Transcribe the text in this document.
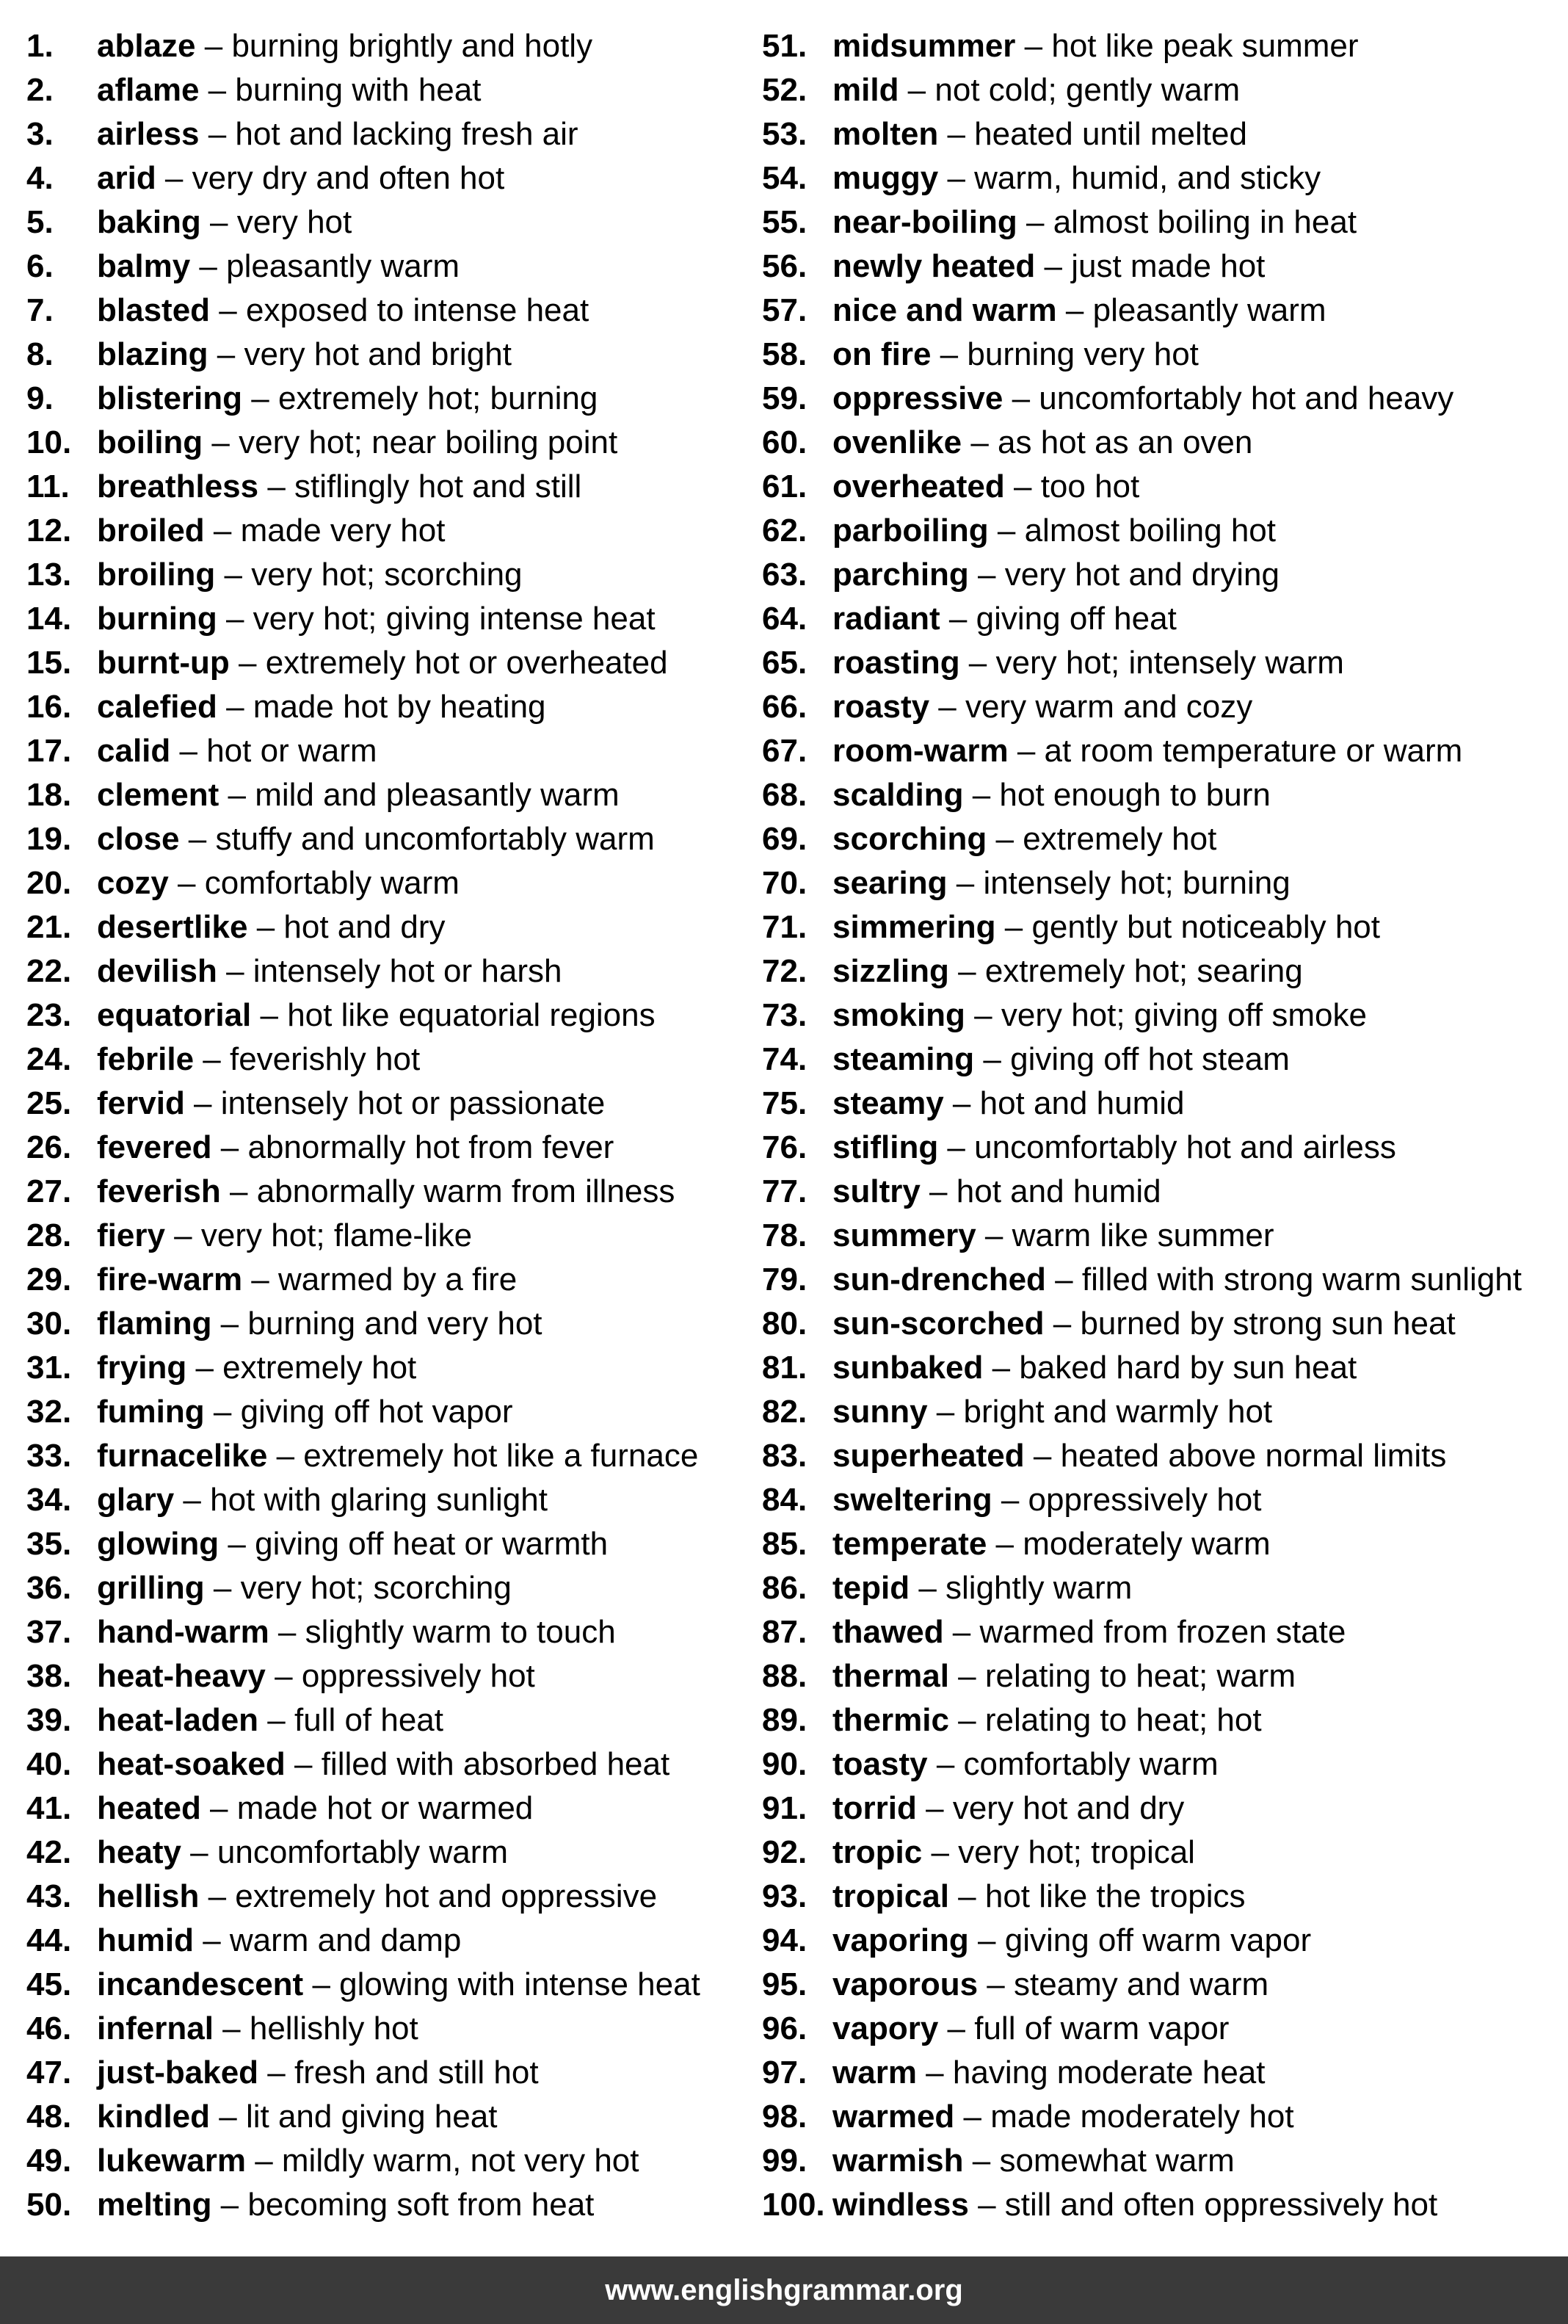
1. ablaze – burning brightly and hotly
2. aflame – burning with heat
3. airless – hot and lacking fresh air
4. arid – very dry and often hot
5. baking – very hot
6. balmy – pleasantly warm
7. blasted – exposed to intense heat
8. blazing – very hot and bright
9. blistering – extremely hot; burning
10. boiling – very hot; near boiling point
11. breathless – stiflingly hot and still
12. broiled – made very hot
13. broiling – very hot; scorching
14. burning – very hot; giving intense heat
15. burnt-up – extremely hot or overheated
16. calefied – made hot by heating
17. calid – hot or warm
18. clement – mild and pleasantly warm
19. close – stuffy and uncomfortably warm
20. cozy – comfortably warm
21. desertlike – hot and dry
22. devilish – intensely hot or harsh
23. equatorial – hot like equatorial regions
24. febrile – feverishly hot
25. fervid – intensely hot or passionate
26. fevered – abnormally hot from fever
27. feverish – abnormally warm from illness
28. fiery – very hot; flame-like
29. fire-warm – warmed by a fire
30. flaming – burning and very hot
31. frying – extremely hot
32. fuming – giving off hot vapor
33. furnacelike – extremely hot like a furnace
34. glary – hot with glaring sunlight
35. glowing – giving off heat or warmth
36. grilling – very hot; scorching
37. hand-warm – slightly warm to touch
38. heat-heavy – oppressively hot
39. heat-laden – full of heat
40. heat-soaked – filled with absorbed heat
41. heated – made hot or warmed
42. heaty – uncomfortably warm
43. hellish – extremely hot and oppressive
44. humid – warm and damp
45. incandescent – glowing with intense heat
46. infernal – hellishly hot
47. just-baked – fresh and still hot
48. kindled – lit and giving heat
49. lukewarm – mildly warm, not very hot
50. melting – becoming soft from heat
51. midsummer – hot like peak summer
52. mild – not cold; gently warm
53. molten – heated until melted
54. muggy – warm, humid, and sticky
55. near-boiling – almost boiling in heat
56. newly heated – just made hot
57. nice and warm – pleasantly warm
58. on fire – burning very hot
59. oppressive – uncomfortably hot and heavy
60. ovenlike – as hot as an oven
61. overheated – too hot
62. parboiling – almost boiling hot
63. parching – very hot and drying
64. radiant – giving off heat
65. roasting – very hot; intensely warm
66. roasty – very warm and cozy
67. room-warm – at room temperature or warm
68. scalding – hot enough to burn
69. scorching – extremely hot
70. searing – intensely hot; burning
71. simmering – gently but noticeably hot
72. sizzling – extremely hot; searing
73. smoking – very hot; giving off smoke
74. steaming – giving off hot steam
75. steamy – hot and humid
76. stifling – uncomfortably hot and airless
77. sultry – hot and humid
78. summery – warm like summer
79. sun-drenched – filled with strong warm sunlight
80. sun-scorched – burned by strong sun heat
81. sunbaked – baked hard by sun heat
82. sunny – bright and warmly hot
83. superheated – heated above normal limits
84. sweltering – oppressively hot
85. temperate – moderately warm
86. tepid – slightly warm
87. thawed – warmed from frozen state
88. thermal – relating to heat; warm
89. thermic – relating to heat; hot
90. toasty – comfortably warm
91. torrid – very hot and dry
92. tropic – very hot; tropical
93. tropical – hot like the tropics
94. vaporing – giving off warm vapor
95. vaporous – steamy and warm
96. vapory – full of warm vapor
97. warm – having moderate heat
98. warmed – made moderately hot
99. warmish – somewhat warm
100. windless – still and often oppressively hot
www.englishgrammar.org
